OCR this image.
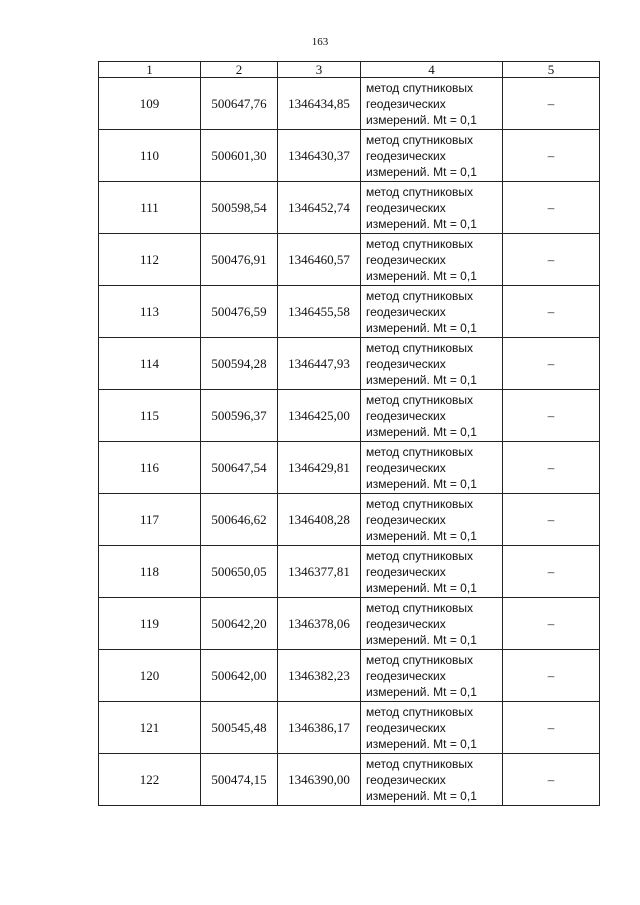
163
1	2	3	4	5
109	500647,76	1346434,85	метод спутниковых
геодезических
измерений. Mt = 0,1	–
110	500601,30	1346430,37	метод спутниковых
геодезических
измерений. Mt = 0,1	–
111	500598,54	1346452,74	метод спутниковых
геодезических
измерений. Mt = 0,1	–
112	500476,91	1346460,57	метод спутниковых
геодезических
измерений. Mt = 0,1	–
113	500476,59	1346455,58	метод спутниковых
геодезических
измерений. Mt = 0,1	–
114	500594,28	1346447,93	метод спутниковых
геодезических
измерений. Mt = 0,1	–
115	500596,37	1346425,00	метод спутниковых
геодезических
измерений. Mt = 0,1	–
116	500647,54	1346429,81	метод спутниковых
геодезических
измерений. Mt = 0,1	–
117	500646,62	1346408,28	метод спутниковых
геодезических
измерений. Mt = 0,1	–
118	500650,05	1346377,81	метод спутниковых
геодезических
измерений. Mt = 0,1	–
119	500642,20	1346378,06	метод спутниковых
геодезических
измерений. Mt = 0,1	–
120	500642,00	1346382,23	метод спутниковых
геодезических
измерений. Mt = 0,1	–
121	500545,48	1346386,17	метод спутниковых
геодезических
измерений. Mt = 0,1	–
122	500474,15	1346390,00	метод спутниковых
геодезических
измерений. Mt = 0,1	–
